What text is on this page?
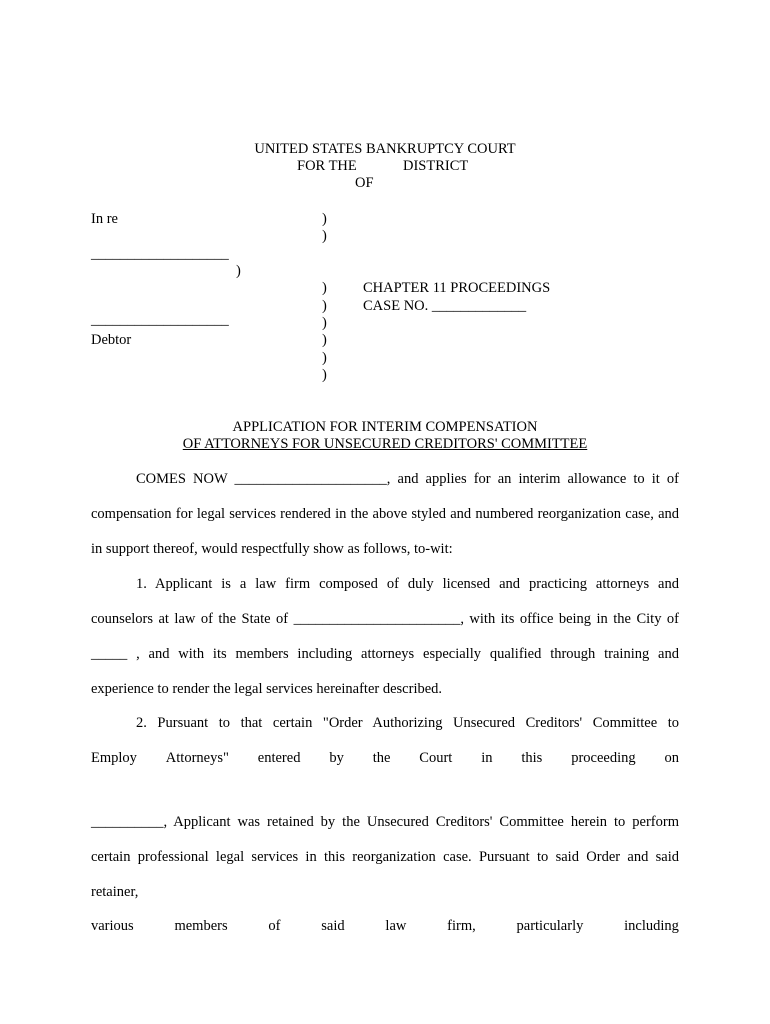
UNITED STATES BANKRUPTCY COURT
FOR THE	DISTRICT
OF
In re	)
)
___________________
)
) CHAPTER 11 PROCEEDINGS
) CASE NO. _____________
___________________	)
Debtor	)
)
)
APPLICATION FOR INTERIM COMPENSATION
OF ATTORNEYS FOR UNSECURED CREDITORS' COMMITTEE
COMES NOW _____________________, and applies for an interim allowance to it of
compensation for legal services rendered in the above styled and numbered reorganization case, and
in support thereof, would respectfully show as follows, to-wit:
1. Applicant is a law firm composed of duly licensed and practicing attorneys and
counselors at law of the State of _______________________, with its office being in the City of
_____ , and with its members including attorneys especially qualified through training and
experience to render the legal services hereinafter described.
2. Pursuant to that certain "Order Authorizing Unsecured Creditors' Committee to
Employ Attorneys" entered by the Court in this proceeding on
__________, Applicant was retained by the Unsecured Creditors' Committee herein to perform
certain professional legal services in this reorganization case. Pursuant to said Order and said
retainer,
various	members	of	said	law	firm,	particularly	including
